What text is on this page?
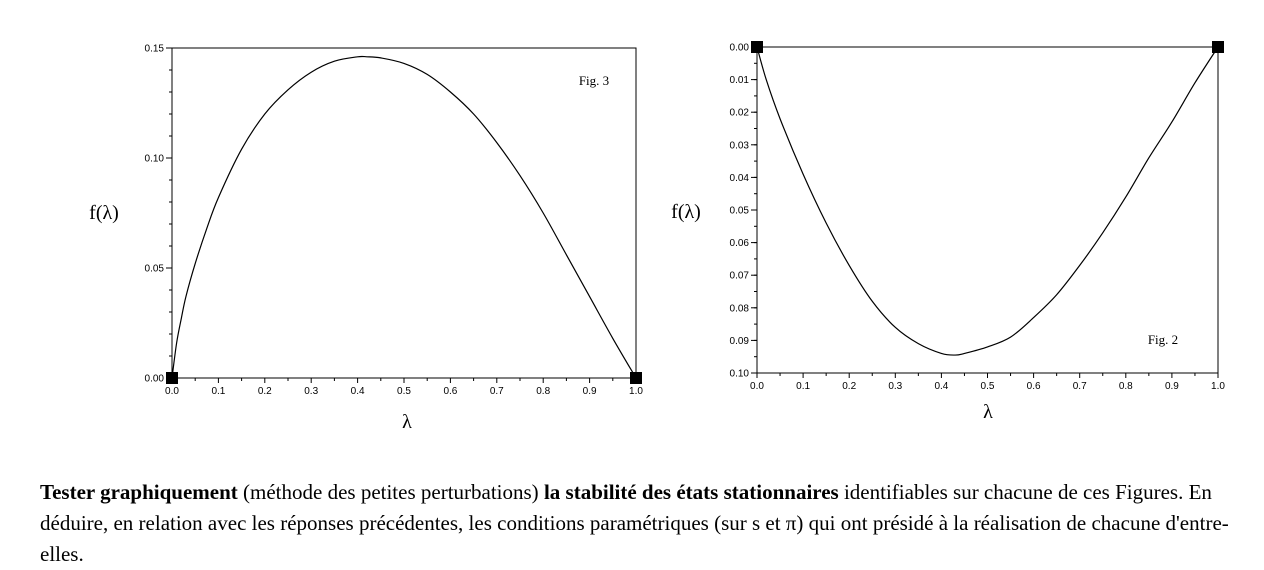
0.00
0.05
0.10
0.15
0.0	0.1	0.2	0.3	0.4	0.5	0.6	0.7	0.8	0.9	1.0
f(λ)
λ
Fig. 3
0.00
0.01
0.02
0.03
0.04
0.05
0.06
0.07
0.08
0.09
0.10
0.0	0.1	0.2	0.3	0.4	0.5	0.6	0.7	0.8	0.9	1.0
f(λ)
λ
Fig. 2

Tester graphiquement (méthode des petites perturbations) la stabilité des états stationnaires identifiables sur chacune de ces Figures. En déduire, en relation avec les réponses précédentes, les conditions paramétriques (sur s et π) qui ont présidé à la réalisation de chacune d'entre-elles.
